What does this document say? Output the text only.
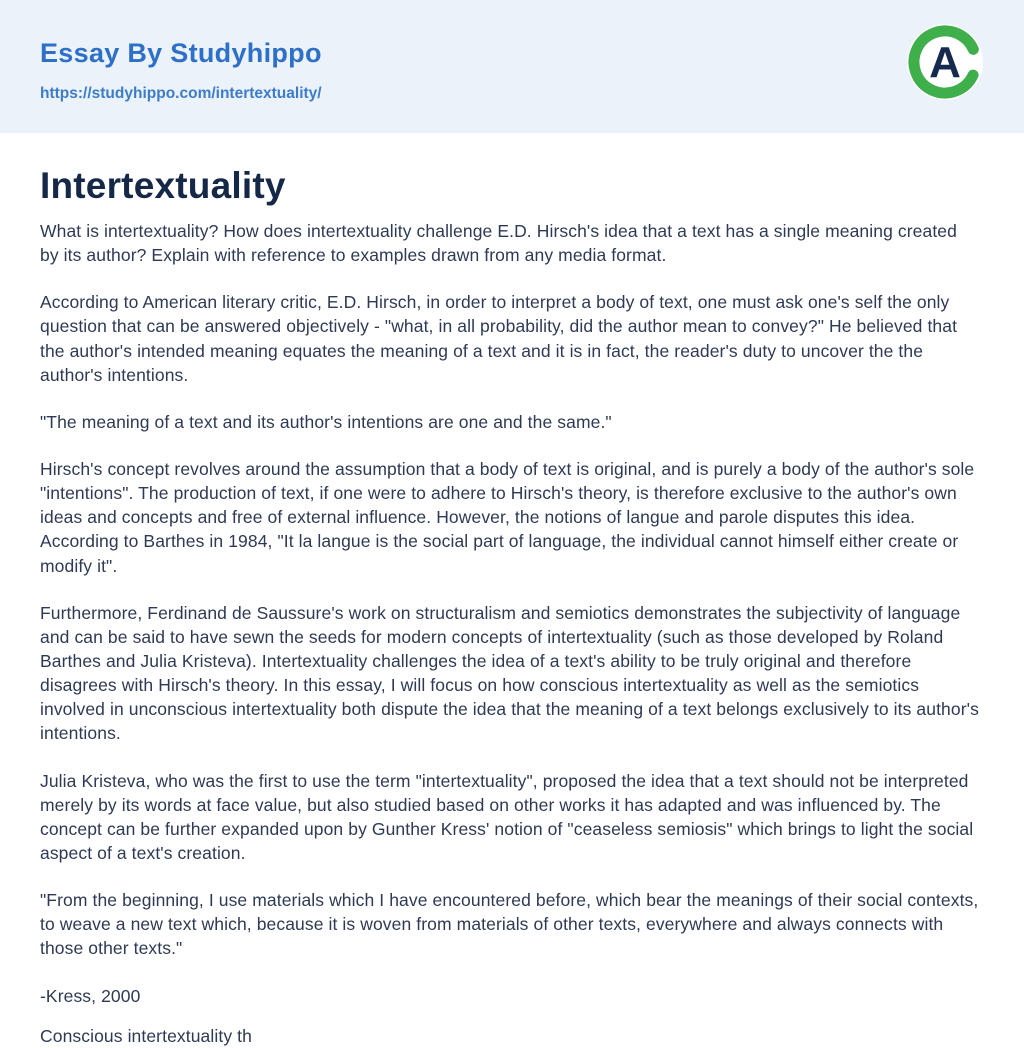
Essay By Studyhippo
https://studyhippo.com/intertextuality/
A
Intertextuality

What is intertextuality? How does intertextuality challenge E.D. Hirsch's idea that a text has a single meaning created by its author? Explain with reference to examples drawn from any media format.

According to American literary critic, E.D. Hirsch, in order to interpret a body of text, one must ask one's self the only question that can be answered objectively - "what, in all probability, did the author mean to convey?" He believed that the author's intended meaning equates the meaning of a text and it is in fact, the reader's duty to uncover the the author's intentions.

"The meaning of a text and its author's intentions are one and the same."

Hirsch's concept revolves around the assumption that a body of text is original, and is purely a body of the author's sole "intentions". The production of text, if one were to adhere to Hirsch's theory, is therefore exclusive to the author's own ideas and concepts and free of external influence. However, the notions of langue and parole disputes this idea. According to Barthes in 1984, "It la langue is the social part of language, the individual cannot himself either create or modify it".

Furthermore, Ferdinand de Saussure's work on structuralism and semiotics demonstrates the subjectivity of language and can be said to have sewn the seeds for modern concepts of intertextuality (such as those developed by Roland Barthes and Julia Kristeva). Intertextuality challenges the idea of a text's ability to be truly original and therefore disagrees with Hirsch's theory. In this essay, I will focus on how conscious intertextuality as well as the semiotics involved in unconscious intertextuality both dispute the idea that the meaning of a text belongs exclusively to its author's intentions.

Julia Kristeva, who was the first to use the term "intertextuality", proposed the idea that a text should not be interpreted merely by its words at face value, but also studied based on other works it has adapted and was influenced by. The concept can be further expanded upon by Gunther Kress' notion of "ceaseless semiosis" which brings to light the social aspect of a text's creation.

"From the beginning, I use materials which I have encountered before, which bear the meanings of their social contexts, to weave a new text which, because it is woven from materials of other texts, everywhere and always connects with those other texts."

-Kress, 2000

Conscious intertextuality th
